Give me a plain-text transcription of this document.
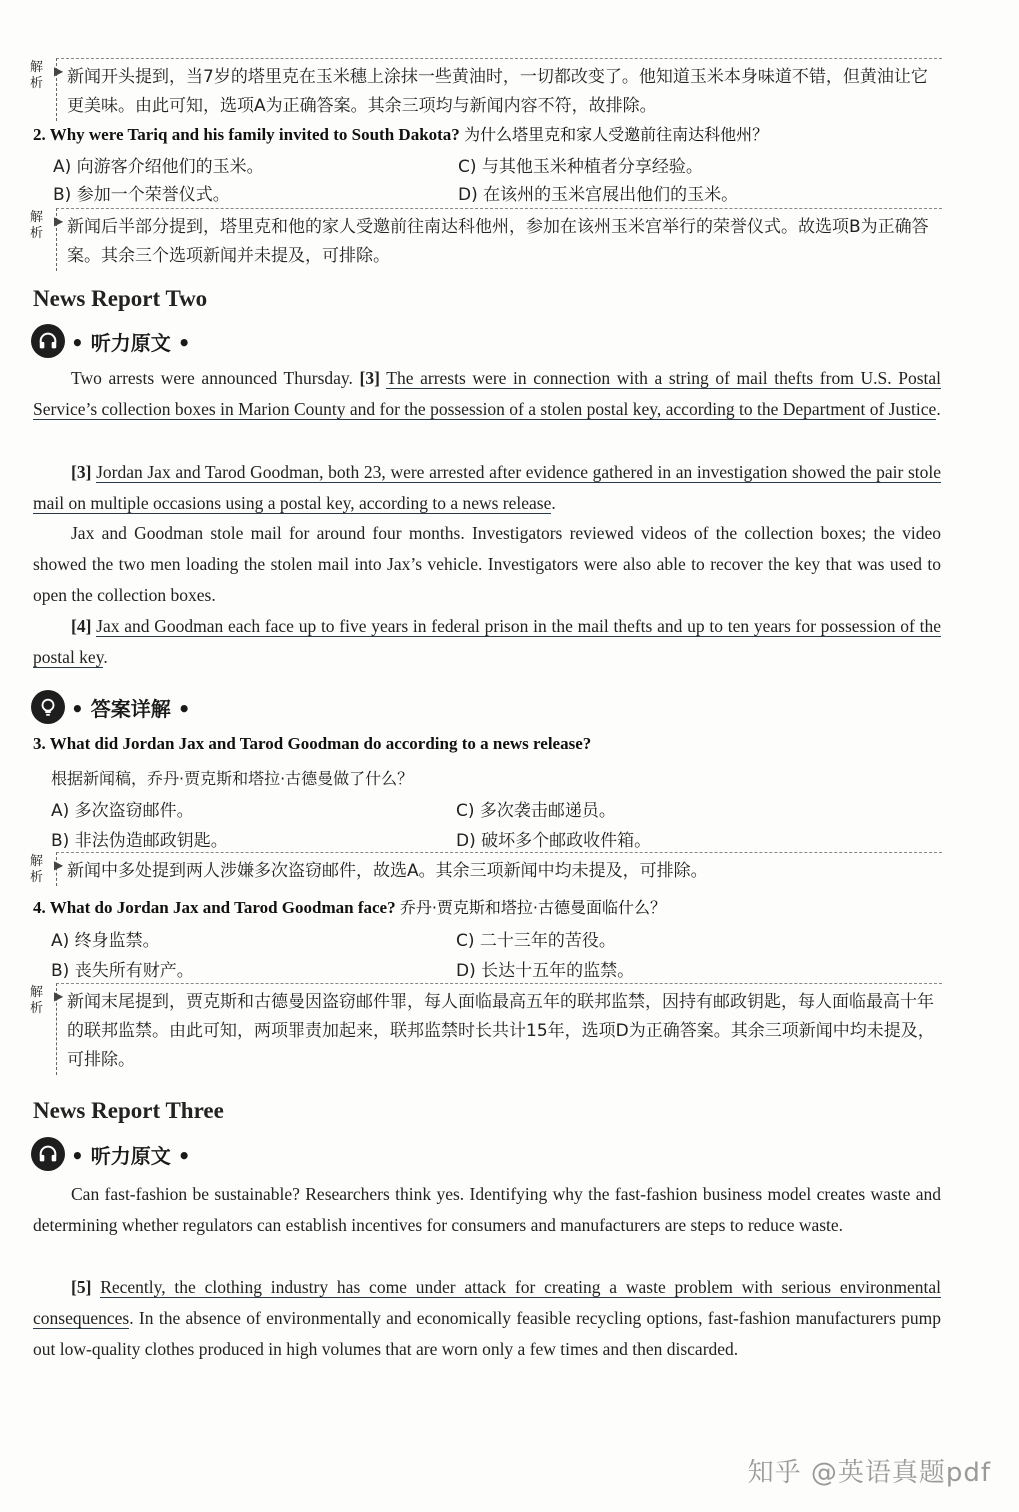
解
析
▶ 新闻开头提到，当7岁的塔里克在玉米穗上涂抹一些黄油时，一切都改变了。他知道玉米本身味道不错，但黄油让它更美味。由此可知，选项A为正确答案。其余三项均与新闻内容不符，故排除。
2. Why were Tariq and his family invited to South Dakota? 为什么塔里克和家人受邀前往南达科他州？
A) 向游客介绍他们的玉米。	C) 与其他玉米种植者分享经验。
B) 参加一个荣誉仪式。	D) 在该州的玉米宫展出他们的玉米。
解
析
▶ 新闻后半部分提到，塔里克和他的家人受邀前往南达科他州，参加在该州玉米宫举行的荣誉仪式。故选项B为正确答案。其余三个选项新闻并未提及，可排除。
News Report Two
• 听力原文 •
Two arrests were announced Thursday. [3] The arrests were in connection with a string of mail thefts from U.S. Postal Service’s collection boxes in Marion County and for the possession of a stolen postal key, according to the Department of Justice.
[3] Jordan Jax and Tarod Goodman, both 23, were arrested after evidence gathered in an investigation showed the pair stole mail on multiple occasions using a postal key, according to a news release.
Jax and Goodman stole mail for around four months. Investigators reviewed videos of the collection boxes; the video showed the two men loading the stolen mail into Jax’s vehicle. Investigators were also able to recover the key that was used to open the collection boxes.
[4] Jax and Goodman each face up to five years in federal prison in the mail thefts and up to ten years for possession of the postal key.
• 答案详解 •
3. What did Jordan Jax and Tarod Goodman do according to a news release?
根据新闻稿，乔丹·贾克斯和塔拉·古德曼做了什么？
A) 多次盗窃邮件。	C) 多次袭击邮递员。
B) 非法伪造邮政钥匙。	D) 破坏多个邮政收件箱。
解
析
▶ 新闻中多处提到两人涉嫌多次盗窃邮件，故选A。其余三项新闻中均未提及，可排除。
4. What do Jordan Jax and Tarod Goodman face? 乔丹·贾克斯和塔拉·古德曼面临什么？
A) 终身监禁。	C) 二十三年的苦役。
B) 丧失所有财产。	D) 长达十五年的监禁。
解
析
▶ 新闻末尾提到，贾克斯和古德曼因盗窃邮件罪，每人面临最高五年的联邦监禁，因持有邮政钥匙，每人面临最高十年的联邦监禁。由此可知，两项罪责加起来，联邦监禁时长共计15年，选项D为正确答案。其余三项新闻中均未提及，可排除。
News Report Three
• 听力原文 •
Can fast-fashion be sustainable? Researchers think yes. Identifying why the fast-fashion business model creates waste and determining whether regulators can establish incentives for consumers and manufacturers are steps to reduce waste.
[5] Recently, the clothing industry has come under attack for creating a waste problem with serious environmental consequences. In the absence of environmentally and economically feasible recycling options, fast-fashion manufacturers pump out low-quality clothes produced in high volumes that are worn only a few times and then discarded.
知乎 @英语真题pdf
